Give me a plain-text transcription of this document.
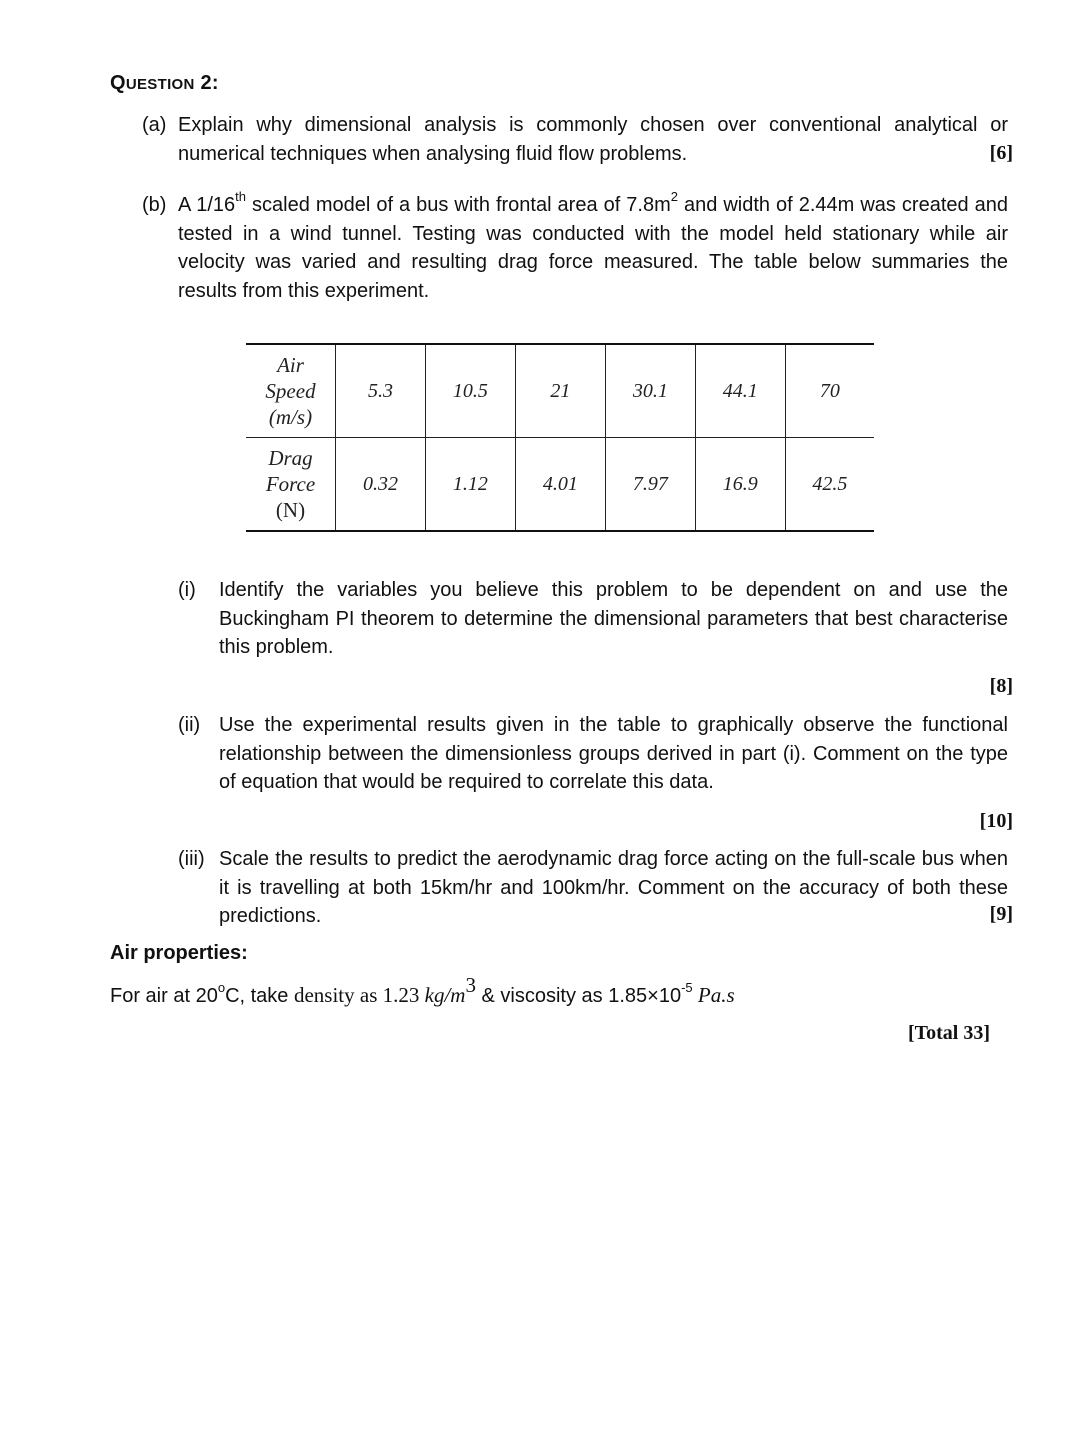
QUESTION 2:
(a) Explain why dimensional analysis is commonly chosen over conventional analytical or numerical techniques when analysing fluid flow problems.	[6]
(b) A 1/16th scaled model of a bus with frontal area of $7.8m^2$ and width of 2.44m was created and tested in a wind tunnel. Testing was conducted with the model held stationary while air velocity was varied and resulting drag force measured. The table below summaries the results from this experiment.
Air
Speed
(m/s)	5.3	10.5	21	30.1	44.1	70

Drag
Force
(N)	0.32	1.12	4.01	7.97	16.9	42.5
(i) Identify the variables you believe this problem to be dependent on and use the Buckingham PI theorem to determine the dimensional parameters that best characterise this problem.
[8]
(ii) Use the experimental results given in the table to graphically observe the functional relationship between the dimensionless groups derived in part (i). Comment on the type of equation that would be required to correlate this data.
[10]
(iii) Scale the results to predict the aerodynamic drag force acting on the full-scale bus when it is travelling at both 15km/hr and 100km/hr. Comment on the accuracy of both these predictions.	[9]
Air properties:
For air at 20$^o$C, take density as 1.23 $kg/m^3$ & viscosity as $1.85\times 10^{-5}$ Pa.s
[Total 33]
